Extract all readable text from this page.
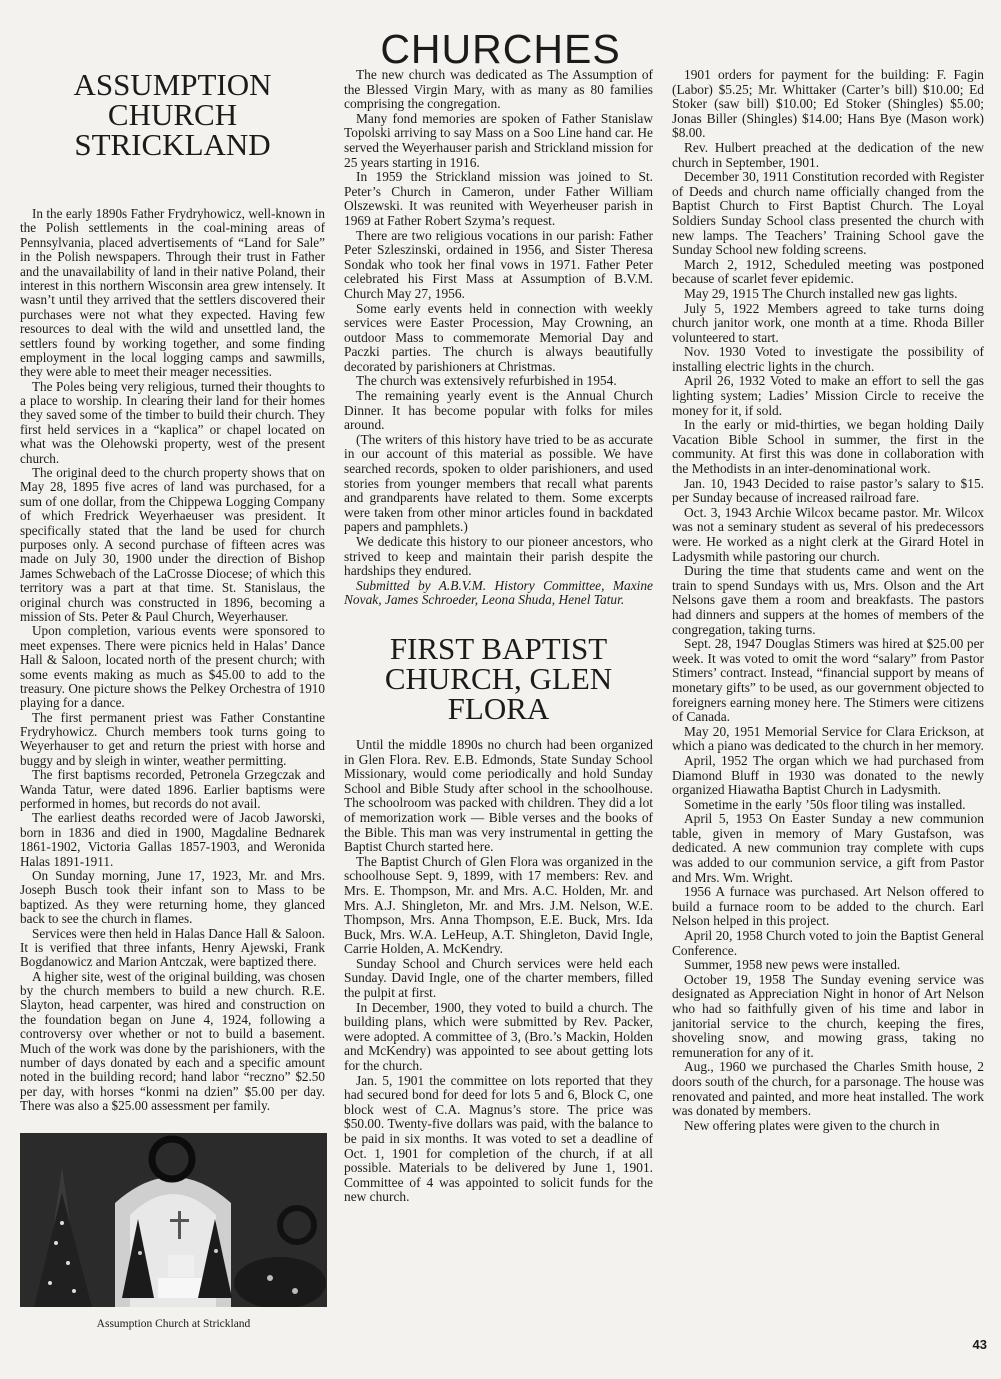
CHURCHES
ASSUMPTION CHURCH STRICKLAND

In the early 1890s Father Frydryhowicz, well-known in the Polish settlements in the coal-mining areas of Pennsylvania, placed advertisements of “Land for Sale” in the Polish newspapers. Through their trust in Father and the unavailability of land in their native Poland, their interest in this northern Wisconsin area grew intensely. It wasn’t until they arrived that the settlers discovered their purchases were not what they expected. Having few resources to deal with the wild and unsettled land, the settlers found by working together, and some finding employment in the local logging camps and sawmills, they were able to meet their meager necessities.

The Poles being very religious, turned their thoughts to a place to worship. In clearing their land for their homes they saved some of the timber to build their church. They first held services in a “kaplica” or chapel located on what was the Olehowski property, west of the present church.

The original deed to the church property shows that on May 28, 1895 five acres of land was purchased, for a sum of one dollar, from the Chippewa Logging Company of which Fredrick Weyerhaeuser was president. It specifically stated that the land be used for church purposes only. A second purchase of fifteen acres was made on July 30, 1900 under the direction of Bishop James Schwebach of the LaCrosse Diocese; of which this territory was a part at that time. St. Stanislaus, the original church was constructed in 1896, becoming a mission of Sts. Peter & Paul Church, Weyerhauser.

Upon completion, various events were sponsored to meet expenses. There were picnics held in Halas’ Dance Hall & Saloon, located north of the present church; with some events making as much as $45.00 to add to the treasury. One picture shows the Pelkey Orchestra of 1910 playing for a dance.

The first permanent priest was Father Constantine Frydryhowicz. Church members took turns going to Weyerhauser to get and return the priest with horse and buggy and by sleigh in winter, weather permitting.

The first baptisms recorded, Petronela Grzegczak and Wanda Tatur, were dated 1896. Earlier baptisms were performed in homes, but records do not avail.

The earliest deaths recorded were of Jacob Jaworski, born in 1836 and died in 1900, Magdaline Bednarek 1861-1902, Victoria Gallas 1857-1903, and Weronida Halas 1891-1911.

On Sunday morning, June 17, 1923, Mr. and Mrs. Joseph Busch took their infant son to Mass to be baptized. As they were returning home, they glanced back to see the church in flames.

Services were then held in Halas Dance Hall & Saloon. It is verified that three infants, Henry Ajewski, Frank Bogdanowicz and Marion Antczak, were baptized there.

A higher site, west of the original building, was chosen by the church members to build a new church. R.E. Slayton, head carpenter, was hired and construction on the foundation began on June 4, 1924, following a controversy over whether or not to build a basement. Much of the work was done by the parishioners, with the number of days donated by each and a specific amount noted in the building record; hand labor “reczno” $2.50 per day, with horses “konmi na dzien” $5.00 per day. There was also a $25.00 assessment per family.

The new church was dedicated as The Assumption of the Blessed Virgin Mary, with as many as 80 families comprising the congregation.

Many fond memories are spoken of Father Stanislaw Topolski arriving to say Mass on a Soo Line hand car. He served the Weyerhauser parish and Strickland mission for 25 years starting in 1916.

In 1959 the Strickland mission was joined to St. Peter’s Church in Cameron, under Father William Olszewski. It was reunited with Weyerheuser parish in 1969 at Father Robert Szyma’s request.

There are two religious vocations in our parish: Father Peter Szleszinski, ordained in 1956, and Sister Theresa Sondak who took her final vows in 1971. Father Peter celebrated his First Mass at Assumption of B.V.M. Church May 27, 1956.

Some early events held in connection with weekly services were Easter Procession, May Crowning, an outdoor Mass to commemorate Memorial Day and Paczki parties. The church is always beautifully decorated by parishioners at Christmas.

The church was extensively refurbished in 1954.

The remaining yearly event is the Annual Church Dinner. It has become popular with folks for miles around.

(The writers of this history have tried to be as accurate in our account of this material as possible. We have searched records, spoken to older parishioners, and used stories from younger members that recall what parents and grandparents have related to them. Some excerpts were taken from other minor articles found in backdated papers and pamphlets.)

We dedicate this history to our pioneer ancestors, who strived to keep and maintain their parish despite the hardships they endured.

Submitted by A.B.V.M. History Committee, Maxine Novak, James Schroeder, Leona Shuda, Henel Tatur.

FIRST BAPTIST CHURCH, GLEN FLORA

Until the middle 1890s no church had been organized in Glen Flora. Rev. E.B. Edmonds, State Sunday School Missionary, would come periodically and hold Sunday School and Bible Study after school in the schoolhouse. The schoolroom was packed with children. They did a lot of memorization work — Bible verses and the books of the Bible. This man was very instrumental in getting the Baptist Church started here.

The Baptist Church of Glen Flora was organized in the schoolhouse Sept. 9, 1899, with 17 members: Rev. and Mrs. E. Thompson, Mr. and Mrs. A.C. Holden, Mr. and Mrs. A.J. Shingleton, Mr. and Mrs. J.M. Nelson, W.E. Thompson, Mrs. Anna Thompson, E.E. Buck, Mrs. Ida Buck, Mrs. W.A. LeHeup, A.T. Shingleton, David Ingle, Carrie Holden, A. McKendry.

Sunday School and Church services were held each Sunday. David Ingle, one of the charter members, filled the pulpit at first.

In December, 1900, they voted to build a church. The building plans, which were submitted by Rev. Packer, were adopted. A committee of 3, (Bro.’s Mackin, Holden and McKendry) was appointed to see about getting lots for the church.

Jan. 5, 1901 the committee on lots reported that they had secured bond for deed for lots 5 and 6, Block C, one block west of C.A. Magnus’s store. The price was $50.00. Twenty-five dollars was paid, with the balance to be paid in six months. It was voted to set a deadline of Oct. 1, 1901 for completion of the church, if at all possible. Materials to be delivered by June 1, 1901. Committee of 4 was appointed to solicit funds for the new church.

1901 orders for payment for the building: F. Fagin (Labor) $5.25; Mr. Whittaker (Carter’s bill) $10.00; Ed Stoker (saw bill) $10.00; Ed Stoker (Shingles) $5.00; Jonas Biller (Shingles) $14.00; Hans Bye (Mason work) $8.00.

Rev. Hulbert preached at the dedication of the new church in September, 1901.

December 30, 1911 Constitution recorded with Register of Deeds and church name officially changed from the Baptist Church to First Baptist Church. The Loyal Soldiers Sunday School class presented the church with new lamps. The Teachers’ Training School gave the Sunday School new folding screens.

March 2, 1912, Scheduled meeting was postponed because of scarlet fever epidemic.

May 29, 1915 The Church installed new gas lights.

July 5, 1922 Members agreed to take turns doing church janitor work, one month at a time. Rhoda Biller volunteered to start.

Nov. 1930 Voted to investigate the possibility of installing electric lights in the church.

April 26, 1932 Voted to make an effort to sell the gas lighting system; Ladies’ Mission Circle to receive the money for it, if sold.

In the early or mid-thirties, we began holding Daily Vacation Bible School in summer, the first in the community. At first this was done in collaboration with the Methodists in an inter-denominational work.

Jan. 10, 1943 Decided to raise pastor’s salary to $15. per Sunday because of increased railroad fare.

Oct. 3, 1943 Archie Wilcox became pastor. Mr. Wilcox was not a seminary student as several of his predecessors were. He worked as a night clerk at the Girard Hotel in Ladysmith while pastoring our church.

During the time that students came and went on the train to spend Sundays with us, Mrs. Olson and the Art Nelsons gave them a room and breakfasts. The pastors had dinners and suppers at the homes of members of the congregation, taking turns.

Sept. 28, 1947 Douglas Stimers was hired at $25.00 per week. It was voted to omit the word “salary” from Pastor Stimers’ contract. Instead, “financial support by means of monetary gifts” to be used, as our government objected to foreigners earning money here. The Stimers were citizens of Canada.

May 20, 1951 Memorial Service for Clara Erickson, at which a piano was dedicated to the church in her memory.

April, 1952 The organ which we had purchased from Diamond Bluff in 1930 was donated to the newly organized Hiawatha Baptist Church in Ladysmith.

Sometime in the early ’50s floor tiling was installed.

April 5, 1953 On Easter Sunday a new communion table, given in memory of Mary Gustafson, was dedicated. A new communion tray complete with cups was added to our communion service, a gift from Pastor and Mrs. Wm. Wright.

1956 A furnace was purchased. Art Nelson offered to build a furnace room to be added to the church. Earl Nelson helped in this project.

April 20, 1958 Church voted to join the Baptist General Conference.

Summer, 1958 new pews were installed.

October 19, 1958 The Sunday evening service was designated as Appreciation Night in honor of Art Nelson who had so faithfully given of his time and labor in janitorial service to the church, keeping the fires, shoveling snow, and mowing grass, taking no remuneration for any of it.

Aug., 1960 we purchased the Charles Smith house, 2 doors south of the church, for a parsonage. The house was renovated and painted, and more heat installed. The work was donated by members.

New offering plates were given to the church in

Assumption Church at Strickland

43
